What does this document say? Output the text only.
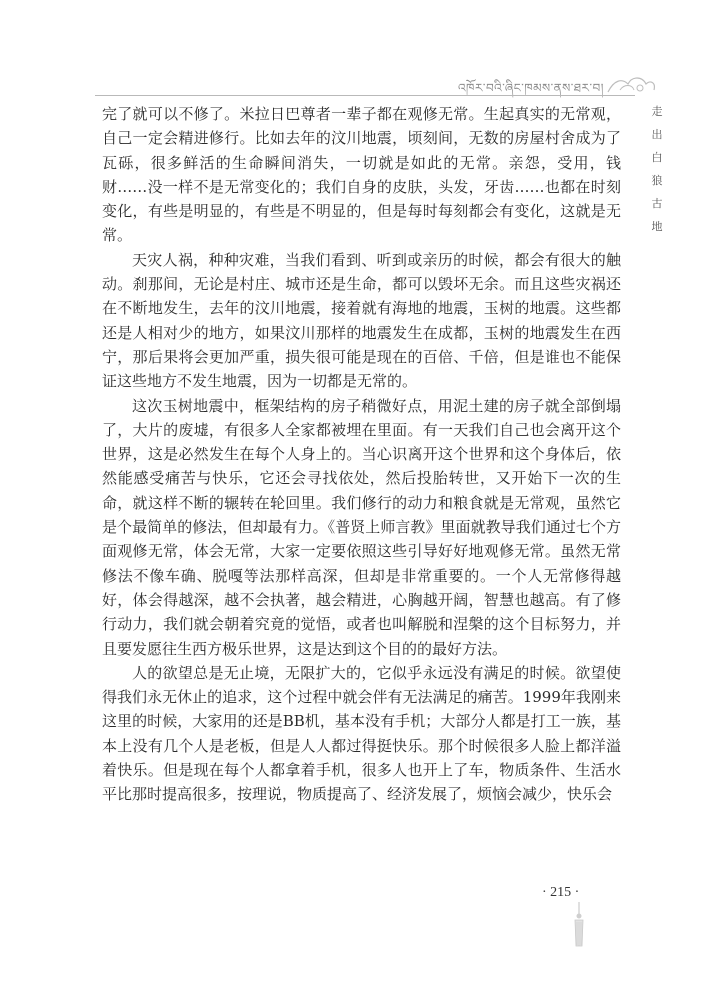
འཁོར་བའི་ཞིང་ཁམས་ནས་ཐར་བ།
走
出
白
狼
古
地

完了就可以不修了。米拉日巴尊者一辈子都在观修无常。生起真实的无常观，自己一定会精进修行。比如去年的汶川地震，顷刻间，无数的房屋村舍成为了瓦砾，很多鲜活的生命瞬间消失，一切就是如此的无常。亲怨，受用，钱财……没一样不是无常变化的；我们自身的皮肤，头发，牙齿……也都在时刻变化，有些是明显的，有些是不明显的，但是每时每刻都会有变化，这就是无常。

天灾人祸，种种灾难，当我们看到、听到或亲历的时候，都会有很大的触动。刹那间，无论是村庄、城市还是生命，都可以毁坏无余。而且这些灾祸还在不断地发生，去年的汶川地震，接着就有海地的地震，玉树的地震。这些都还是人相对少的地方，如果汶川那样的地震发生在成都，玉树的地震发生在西宁，那后果将会更加严重，损失很可能是现在的百倍、千倍，但是谁也不能保证这些地方不发生地震，因为一切都是无常的。

这次玉树地震中，框架结构的房子稍微好点，用泥土建的房子就全部倒塌了，大片的废墟，有很多人全家都被埋在里面。有一天我们自己也会离开这个世界，这是必然发生在每个人身上的。当心识离开这个世界和这个身体后，依然能感受痛苦与快乐，它还会寻找依处，然后投胎转世，又开始下一次的生命，就这样不断的辗转在轮回里。我们修行的动力和粮食就是无常观，虽然它是个最简单的修法，但却最有力。《普贤上师言教》里面就教导我们通过七个方面观修无常，体会无常，大家一定要依照这些引导好好地观修无常。虽然无常修法不像车确、脱嘎等法那样高深，但却是非常重要的。一个人无常修得越好，体会得越深，越不会执著，越会精进，心胸越开阔，智慧也越高。有了修行动力，我们就会朝着究竟的觉悟，或者也叫解脱和涅槃的这个目标努力，并且要发愿往生西方极乐世界，这是达到这个目的的最好方法。

人的欲望总是无止境，无限扩大的，它似乎永远没有满足的时候。欲望使得我们永无休止的追求，这个过程中就会伴有无法满足的痛苦。1999年我刚来这里的时候，大家用的还是BB机，基本没有手机；大部分人都是打工一族，基本上没有几个人是老板，但是人人都过得挺快乐。那个时候很多人脸上都洋溢着快乐。但是现在每个人都拿着手机，很多人也开上了车，物质条件、生活水平比那时提高很多，按理说，物质提高了、经济发展了，烦恼会减少，快乐会

· 215 ·
